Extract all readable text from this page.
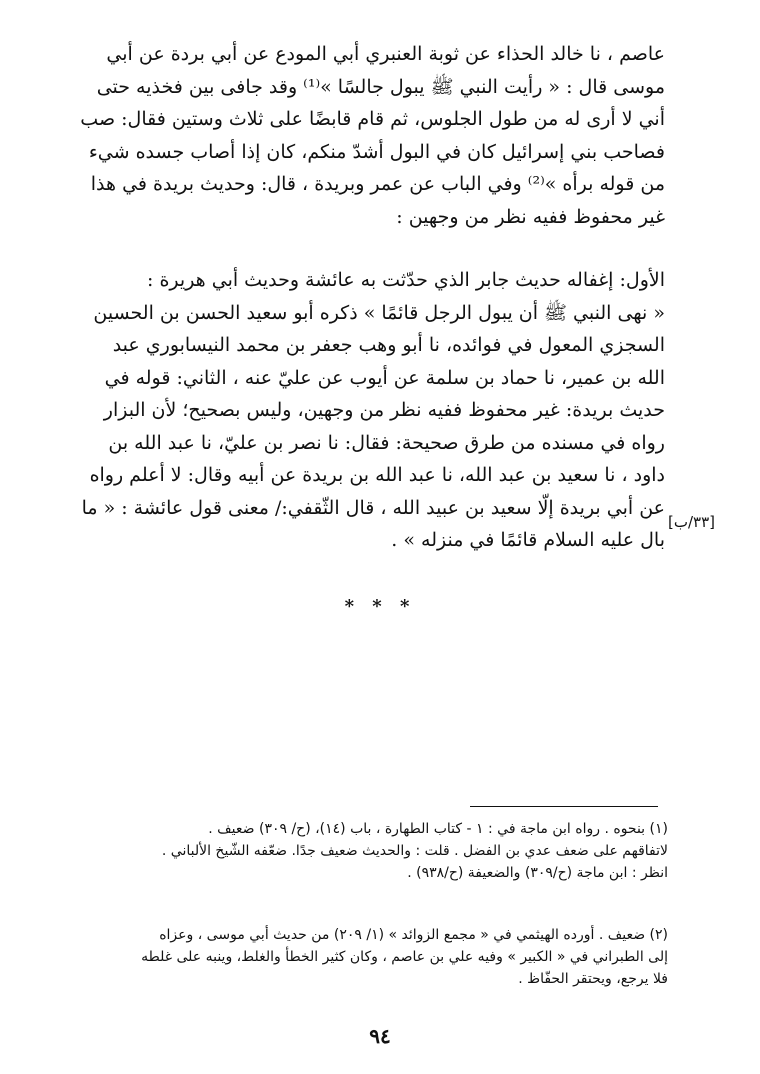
عاصم ، نا خالد الحذاء عن ثوبة العنبري أبي المودع عن أبي بردة عن أبي
موسى قال : « رأيت النبي ﷺ يبول جالسًا »⁽¹⁾ وقد جافى بين فخذيه حتى
أني لا أرى له من طول الجلوس، ثم قام قابضًا على ثلاث وستين فقال: صب
فصاحب بني إسرائيل كان في البول أشدّ منكم، كان إذا أصاب جسده شيء
من قوله برأه »⁽²⁾ وفي الباب عن عمر وبريدة ، قال: وحديث بريدة في هذا
غير محفوظ ففيه نظر من وجهين :
الأول: إغفاله حديث جابر الذي حدّثت به عائشة وحديث أبي هريرة :
« نهى النبي ﷺ أن يبول الرجل قائمًا » ذكره أبو سعيد الحسن بن الحسين
السجزي المعول في فوائده، نا أبو وهب جعفر بن محمد النيسابوري عبد
الله بن عمير، نا حماد بن سلمة عن أيوب عن عليّ عنه ، الثاني: قوله في
حديث بريدة: غير محفوظ ففيه نظر من وجهين، وليس بصحيح؛ لأن البزار
رواه في مسنده من طرق صحيحة: فقال: نا نصر بن عليّ، نا عبد الله بن
داود ، نا سعيد بن عبد الله، نا عبد الله بن بريدة عن أبيه وقال: لا أعلم رواه
عن أبي بريدة إلّا سعيد بن عبيد الله ، قال الثّقفي:/ معنى قول عائشة : « ما
بال عليه السلام قائمًا في منزله » .
[٣٣/ب]
* * *
(١) بنحوه . رواه ابن ماجة في : ١ - كتاب الطهارة ، باب (١٤)، (ح/ ٣٠٩) ضعيف .
لاتفاقهم على ضعف عدي بن الفضل . قلت : والحديث ضعيف جدًا. ضعّفه الشّيخ الألباني .
انظر : ابن ماجة (ح/٣٠٩) والضعيفة (ح/٩٣٨) .
(٢) ضعيف . أورده الهيثمي في « مجمع الزوائد » (١/ ٢٠٩) من حديث أبي موسى ، وعزاه
إلى الطبراني في « الكبير » وفيه علي بن عاصم ، وكان كثير الخطأ والغلط، وينبه على غلطه
فلا يرجع، ويحتقر الحفّاظ .
٩٤
